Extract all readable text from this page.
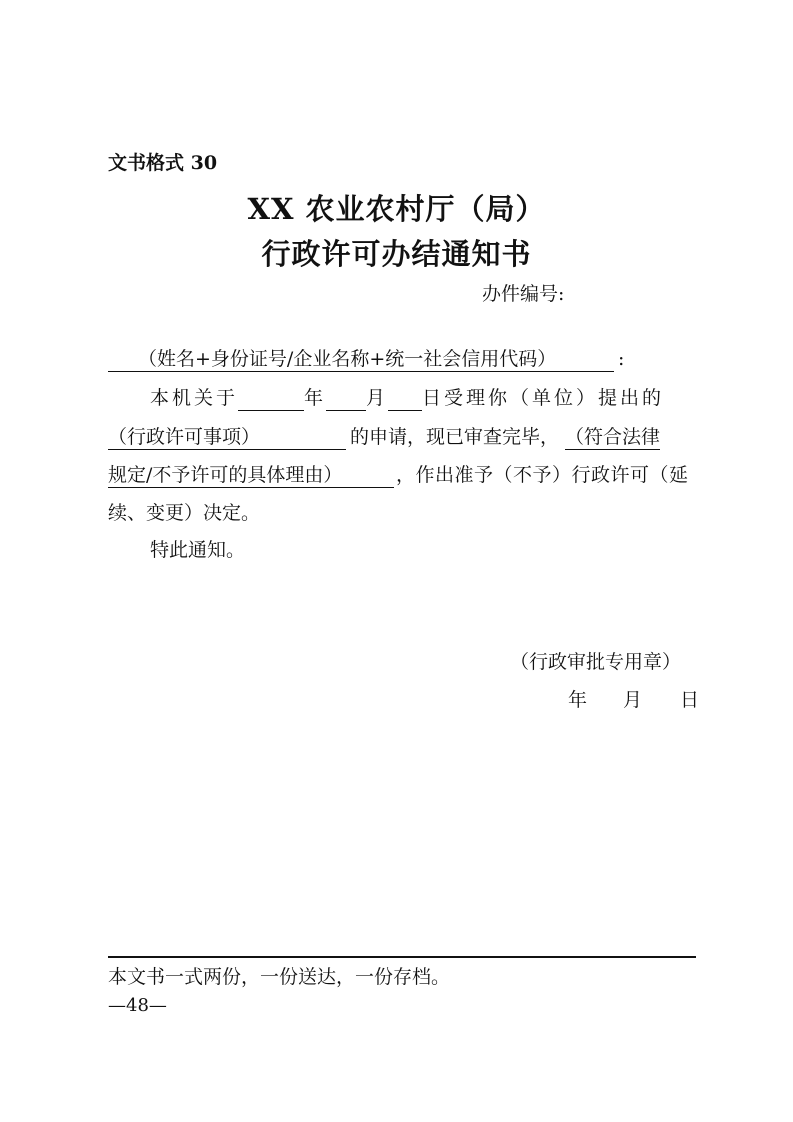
文书格式 30
XX 农业农村厅（局）
行政许可办结通知书
办件编号:
（姓名+身份证号/企业名称+统一社会信用代码）	:
本机关于	年 月 日受理你（单位）提出的
（行政许可事项）	的申请，现已审查完毕， （符合法律
规定/不予许可的具体理由）	，作出准予（不予）行政许可（延
续、变更）决定。
特此通知。
（行政审批专用章）
年 月 日
本文书一式两份，一份送达，一份存档。
—48—
